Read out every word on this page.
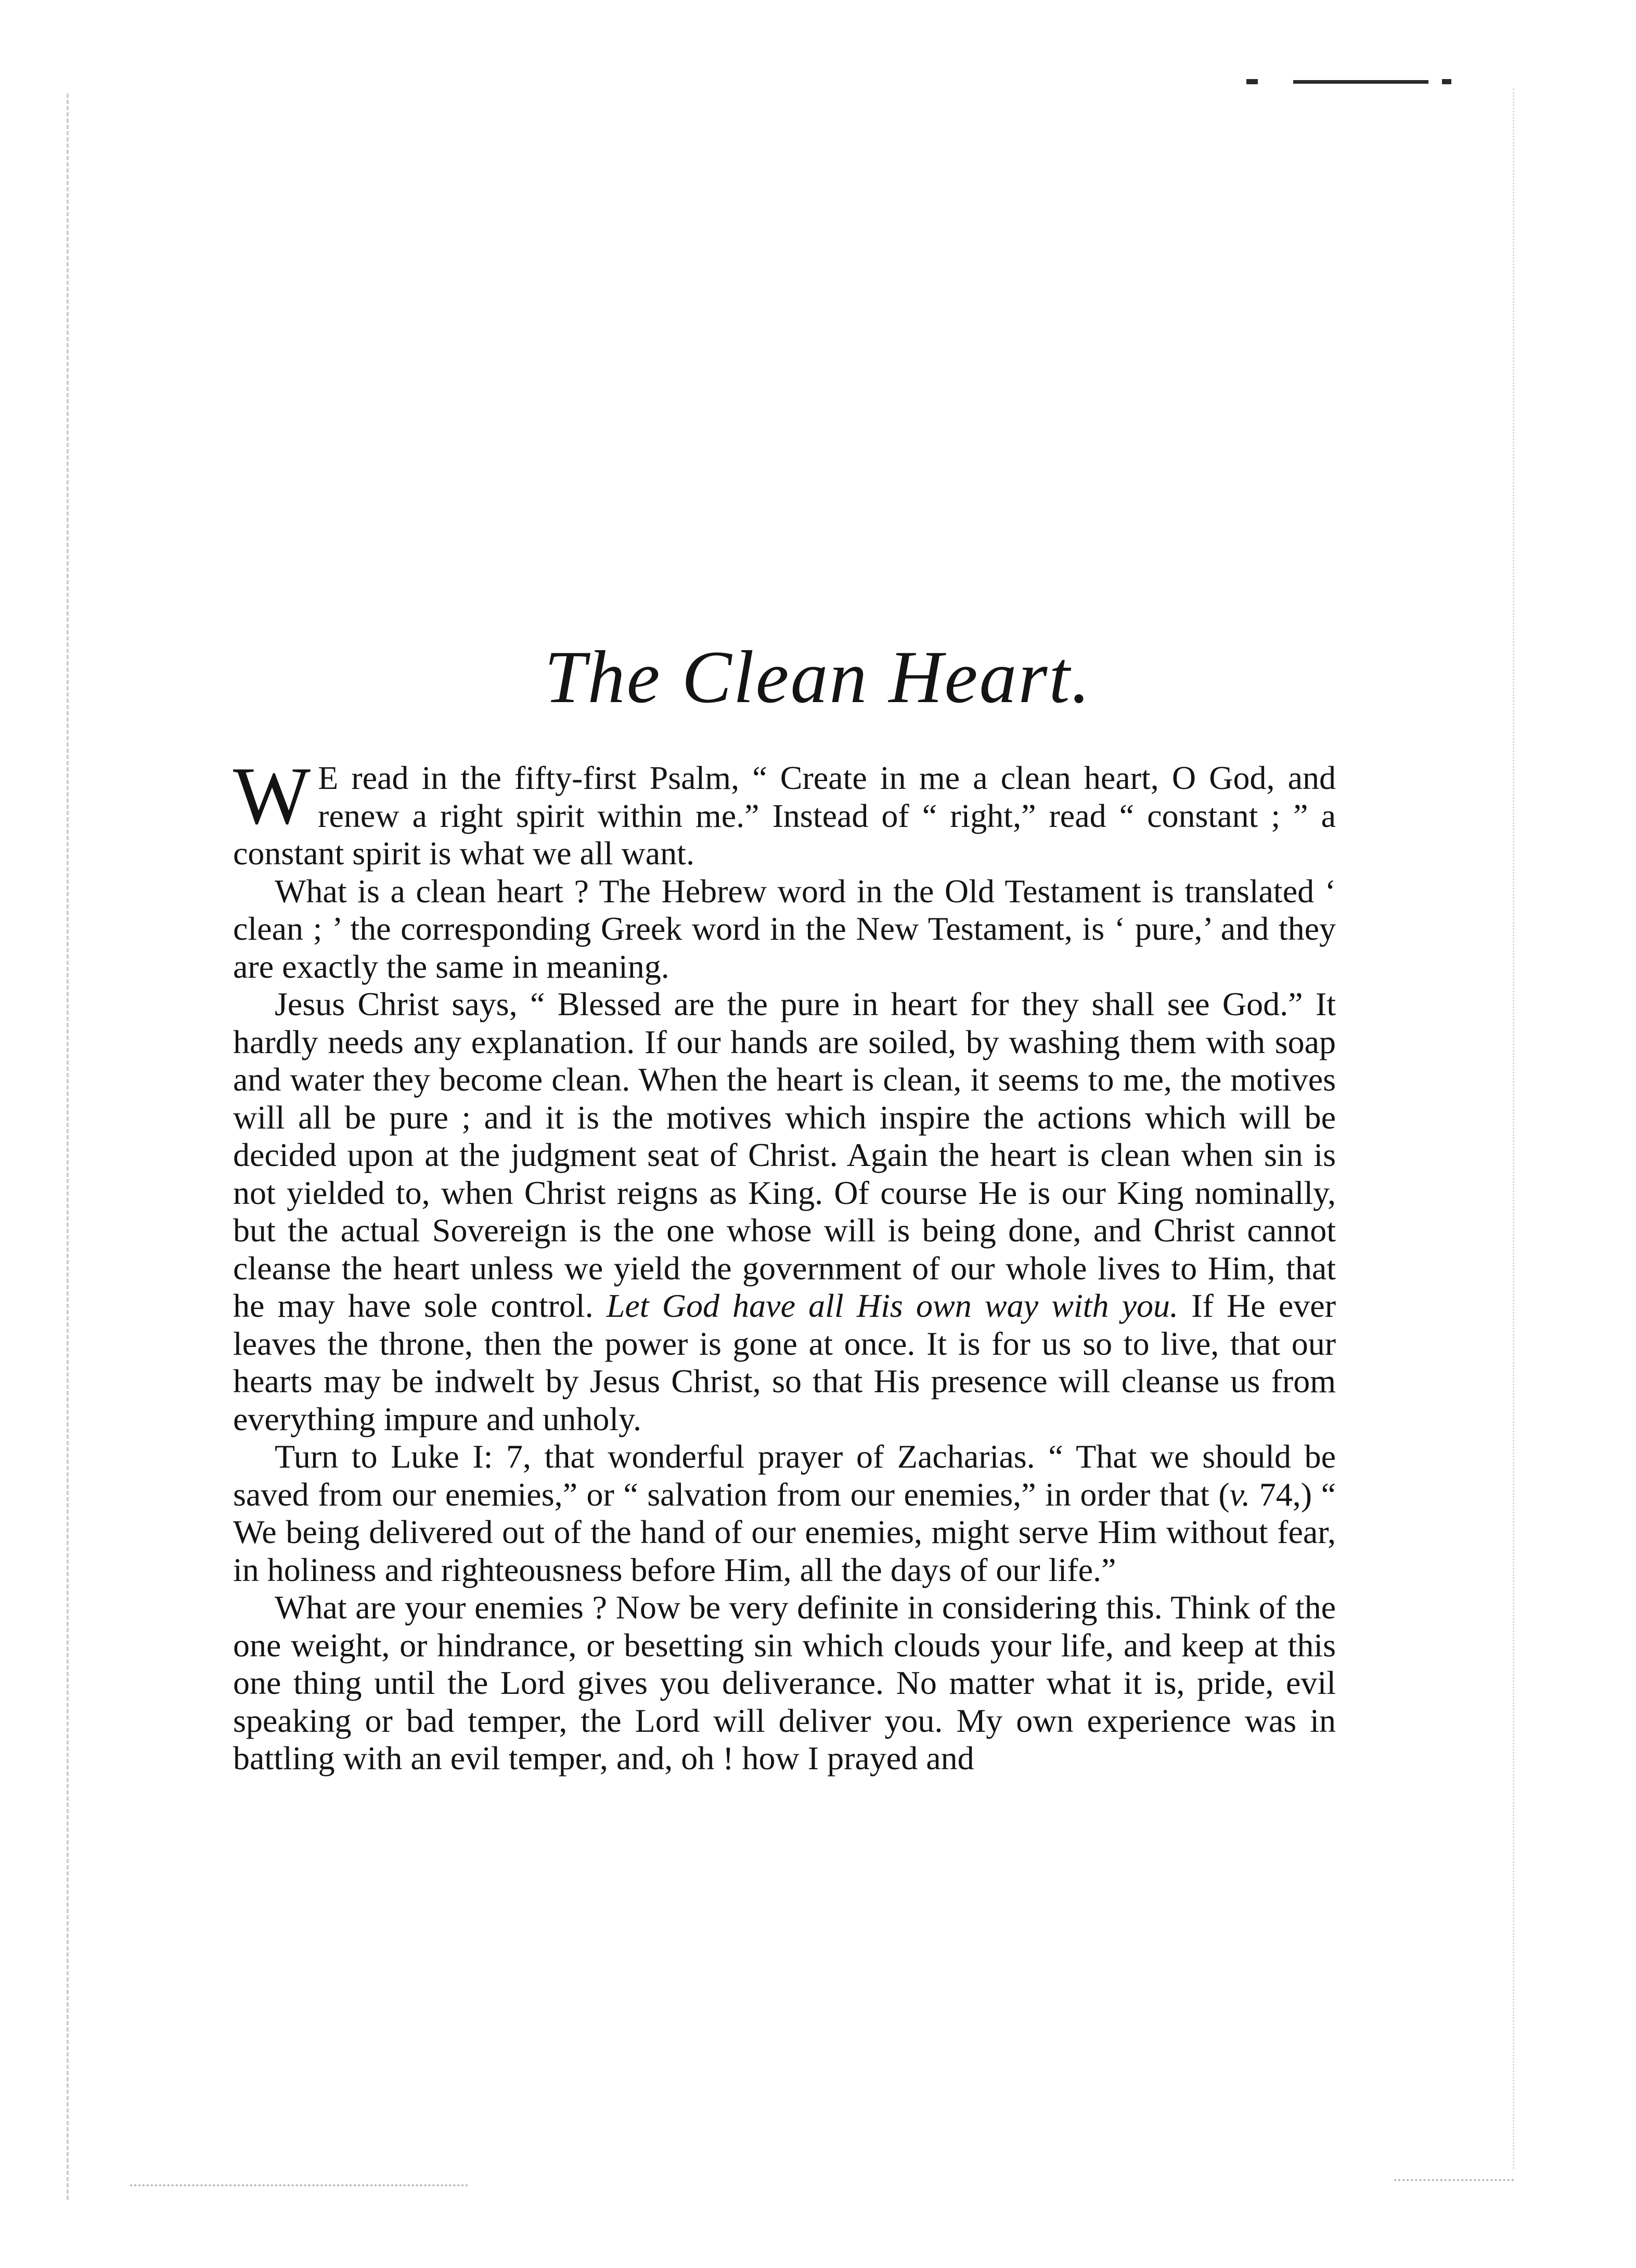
The Clean Heart.

W E read in the fifty-first Psalm, “ Create in me a clean heart, O God, and renew a right spirit within me.” Instead of “ right,” read “ constant ; ” a constant spirit is what we all want.

What is a clean heart ? The Hebrew word in the Old Testament is translated ‘ clean ; ’ the corresponding Greek word in the New Testament, is ‘ pure,’ and they are exactly the same in meaning.

Jesus Christ says, “ Blessed are the pure in heart for they shall see God.” It hardly needs any explanation. If our hands are soiled, by washing them with soap and water they become clean. When the heart is clean, it seems to me, the motives will all be pure ; and it is the motives which inspire the actions which will be decided upon at the judgment seat of Christ. Again the heart is clean when sin is not yielded to, when Christ reigns as King. Of course He is our King nominally, but the actual Sovereign is the one whose will is being done, and Christ cannot cleanse the heart unless we yield the government of our whole lives to Him, that he may have sole control. Let God have all His own way with you. If He ever leaves the throne, then the power is gone at once. It is for us so to live, that our hearts may be indwelt by Jesus Christ, so that His presence will cleanse us from everything impure and unholy.

Turn to Luke I: 7, that wonderful prayer of Zacharias. “ That we should be saved from our enemies,” or “ salvation from our enemies,” in order that (v. 74,) “ We being delivered out of the hand of our enemies, might serve Him without fear, in holiness and righteousness before Him, all the days of our life.”

What are your enemies ? Now be very definite in considering this. Think of the one weight, or hindrance, or besetting sin which clouds your life, and keep at this one thing until the Lord gives you deliverance. No matter what it is, pride, evil speaking or bad temper, the Lord will deliver you. My own experience was in battling with an evil temper, and, oh ! how I prayed and
